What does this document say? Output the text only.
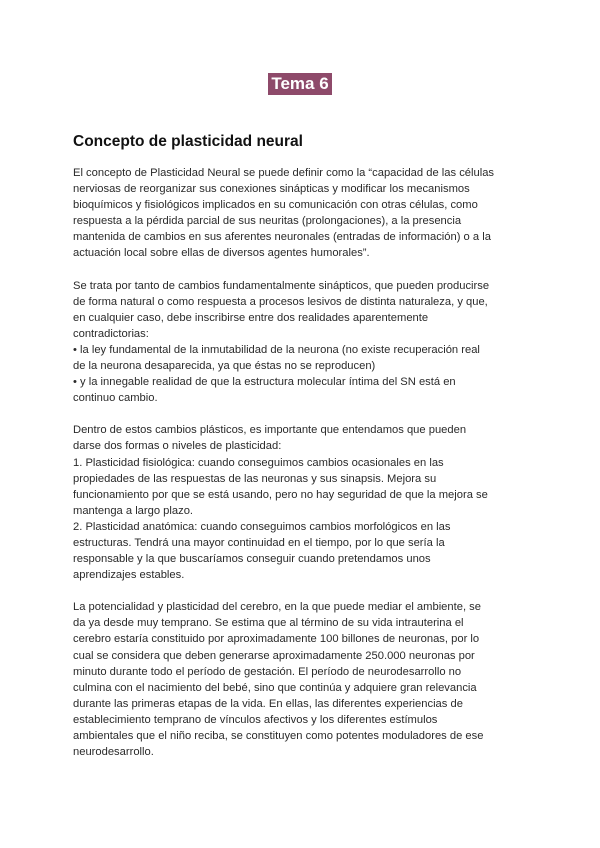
Tema 6
Concepto de plasticidad neural

El concepto de Plasticidad Neural se puede definir como la “capacidad de las células
nerviosas de reorganizar sus conexiones sinápticas y modificar los mecanismos
bioquímicos y fisiológicos implicados en su comunicación con otras células, como
respuesta a la pérdida parcial de sus neuritas (prolongaciones), a la presencia
mantenida de cambios en sus aferentes neuronales (entradas de información) o a la
actuación local sobre ellas de diversos agentes humorales”.

Se trata por tanto de cambios fundamentalmente sinápticos, que pueden producirse
de forma natural o como respuesta a procesos lesivos de distinta naturaleza, y que,
en cualquier caso, debe inscribirse entre dos realidades aparentemente
contradictorias:
• la ley fundamental de la inmutabilidad de la neurona (no existe recuperación real
de la neurona desaparecida, ya que éstas no se reproducen)
• y la innegable realidad de que la estructura molecular íntima del SN está en
continuo cambio.

Dentro de estos cambios plásticos, es importante que entendamos que pueden
darse dos formas o niveles de plasticidad:
1. Plasticidad fisiológica: cuando conseguimos cambios ocasionales en las
propiedades de las respuestas de las neuronas y sus sinapsis. Mejora su
funcionamiento por que se está usando, pero no hay seguridad de que la mejora se
mantenga a largo plazo.
2. Plasticidad anatómica: cuando conseguimos cambios morfológicos en las
estructuras. Tendrá una mayor continuidad en el tiempo, por lo que sería la
responsable y la que buscaríamos conseguir cuando pretendamos unos
aprendizajes estables.

La potencialidad y plasticidad del cerebro, en la que puede mediar el ambiente, se
da ya desde muy temprano. Se estima que al término de su vida intrauterina el
cerebro estaría constituido por aproximadamente 100 billones de neuronas, por lo
cual se considera que deben generarse aproximadamente 250.000 neuronas por
minuto durante todo el período de gestación. El período de neurodesarrollo no
culmina con el nacimiento del bebé, sino que continúa y adquiere gran relevancia
durante las primeras etapas de la vida. En ellas, las diferentes experiencias de
establecimiento temprano de vínculos afectivos y los diferentes estímulos
ambientales que el niño reciba, se constituyen como potentes moduladores de ese
neurodesarrollo.
